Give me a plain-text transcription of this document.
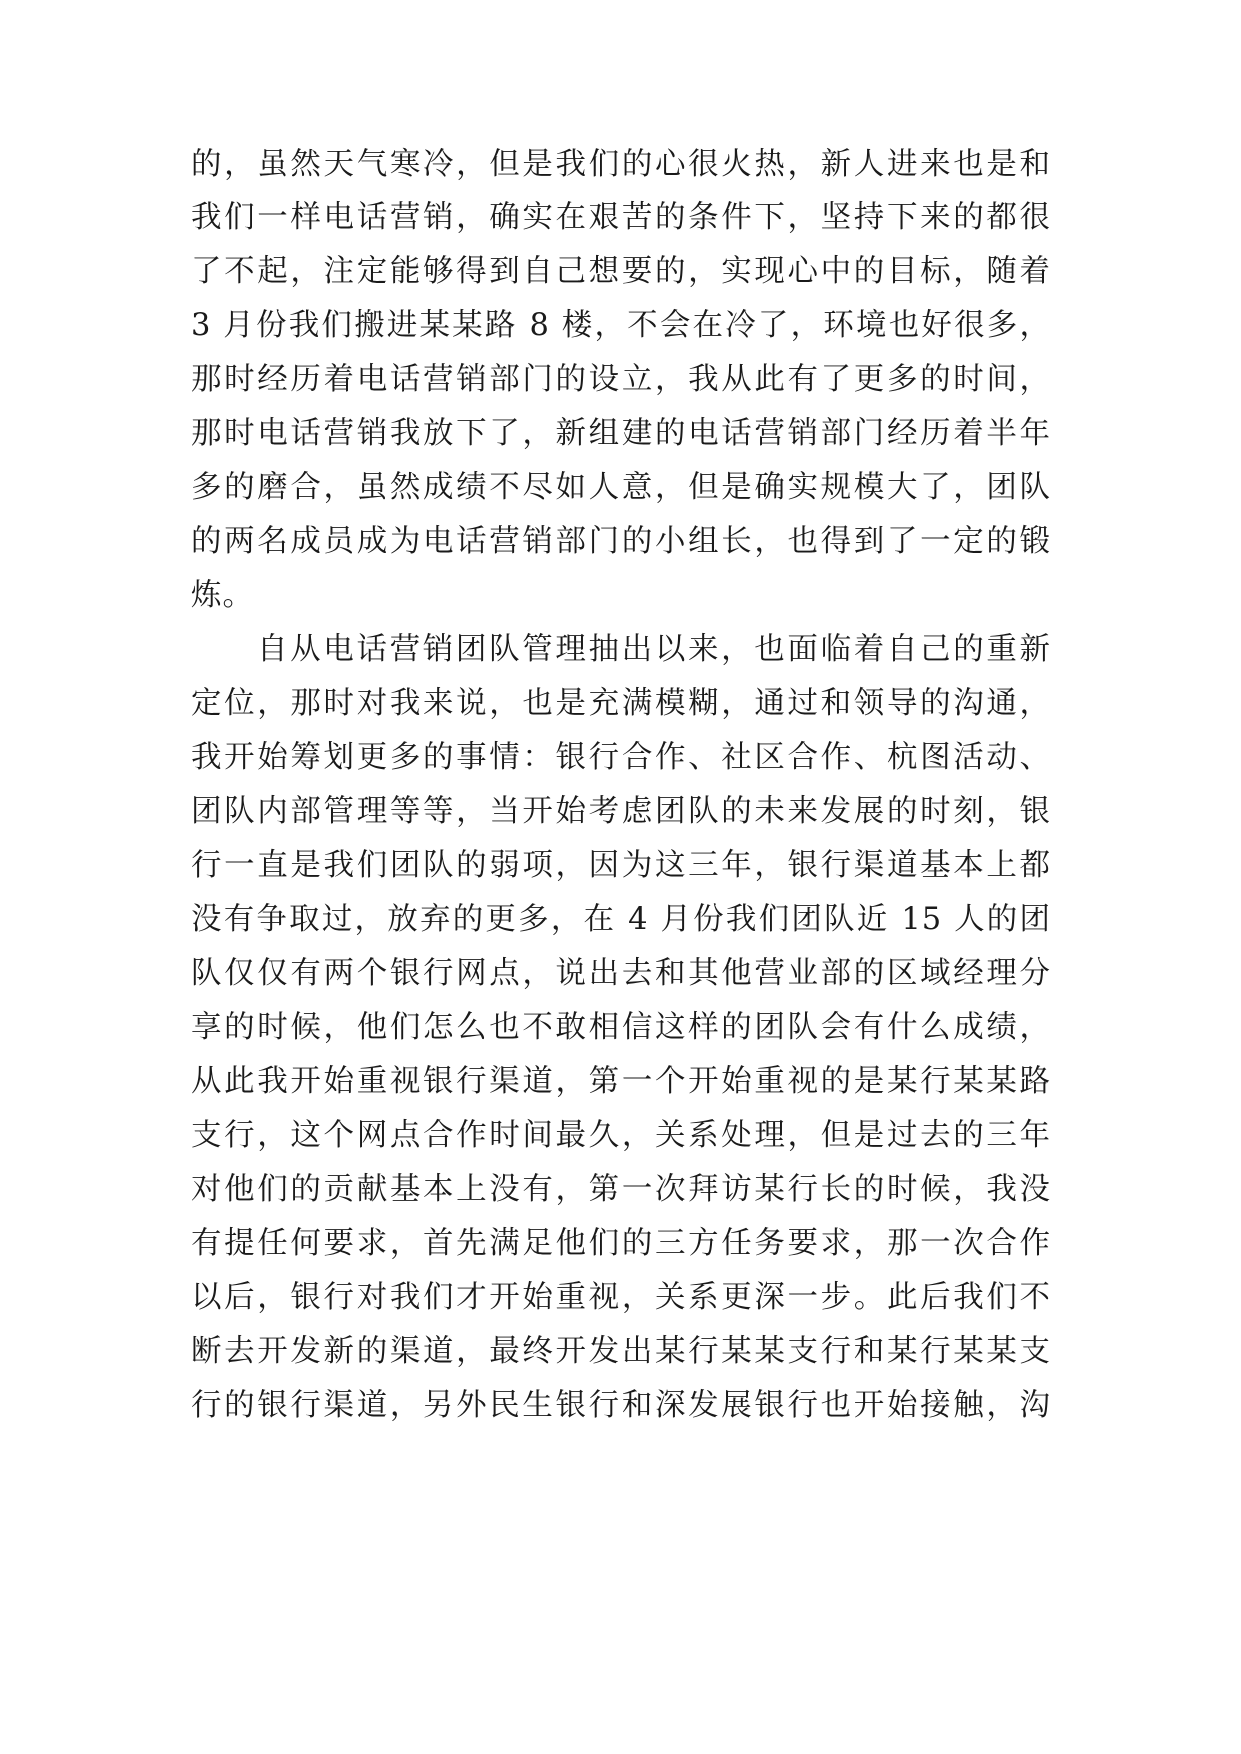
的，虽然天气寒冷，但是我们的心很火热，新人进来也是和
我们一样电话营销，确实在艰苦的条件下，坚持下来的都很
了不起，注定能够得到自己想要的，实现心中的目标，随着
3 月份我们搬进某某路 8 楼，不会在冷了，环境也好很多，
那时经历着电话营销部门的设立，我从此有了更多的时间，
那时电话营销我放下了，新组建的电话营销部门经历着半年
多的磨合，虽然成绩不尽如人意，但是确实规模大了，团队
的两名成员成为电话营销部门的小组长，也得到了一定的锻
炼。
自从电话营销团队管理抽出以来，也面临着自己的重新
定位，那时对我来说，也是充满模糊，通过和领导的沟通，
我开始筹划更多的事情：银行合作、社区合作、杭图活动、
团队内部管理等等，当开始考虑团队的未来发展的时刻，银
行一直是我们团队的弱项，因为这三年，银行渠道基本上都
没有争取过，放弃的更多，在 4 月份我们团队近 15 人的团
队仅仅有两个银行网点，说出去和其他营业部的区域经理分
享的时候，他们怎么也不敢相信这样的团队会有什么成绩，
从此我开始重视银行渠道，第一个开始重视的是某行某某路
支行，这个网点合作时间最久，关系处理，但是过去的三年
对他们的贡献基本上没有，第一次拜访某行长的时候，我没
有提任何要求，首先满足他们的三方任务要求，那一次合作
以后，银行对我们才开始重视，关系更深一步。此后我们不
断去开发新的渠道，最终开发出某行某某支行和某行某某支
行的银行渠道，另外民生银行和深发展银行也开始接触，沟
